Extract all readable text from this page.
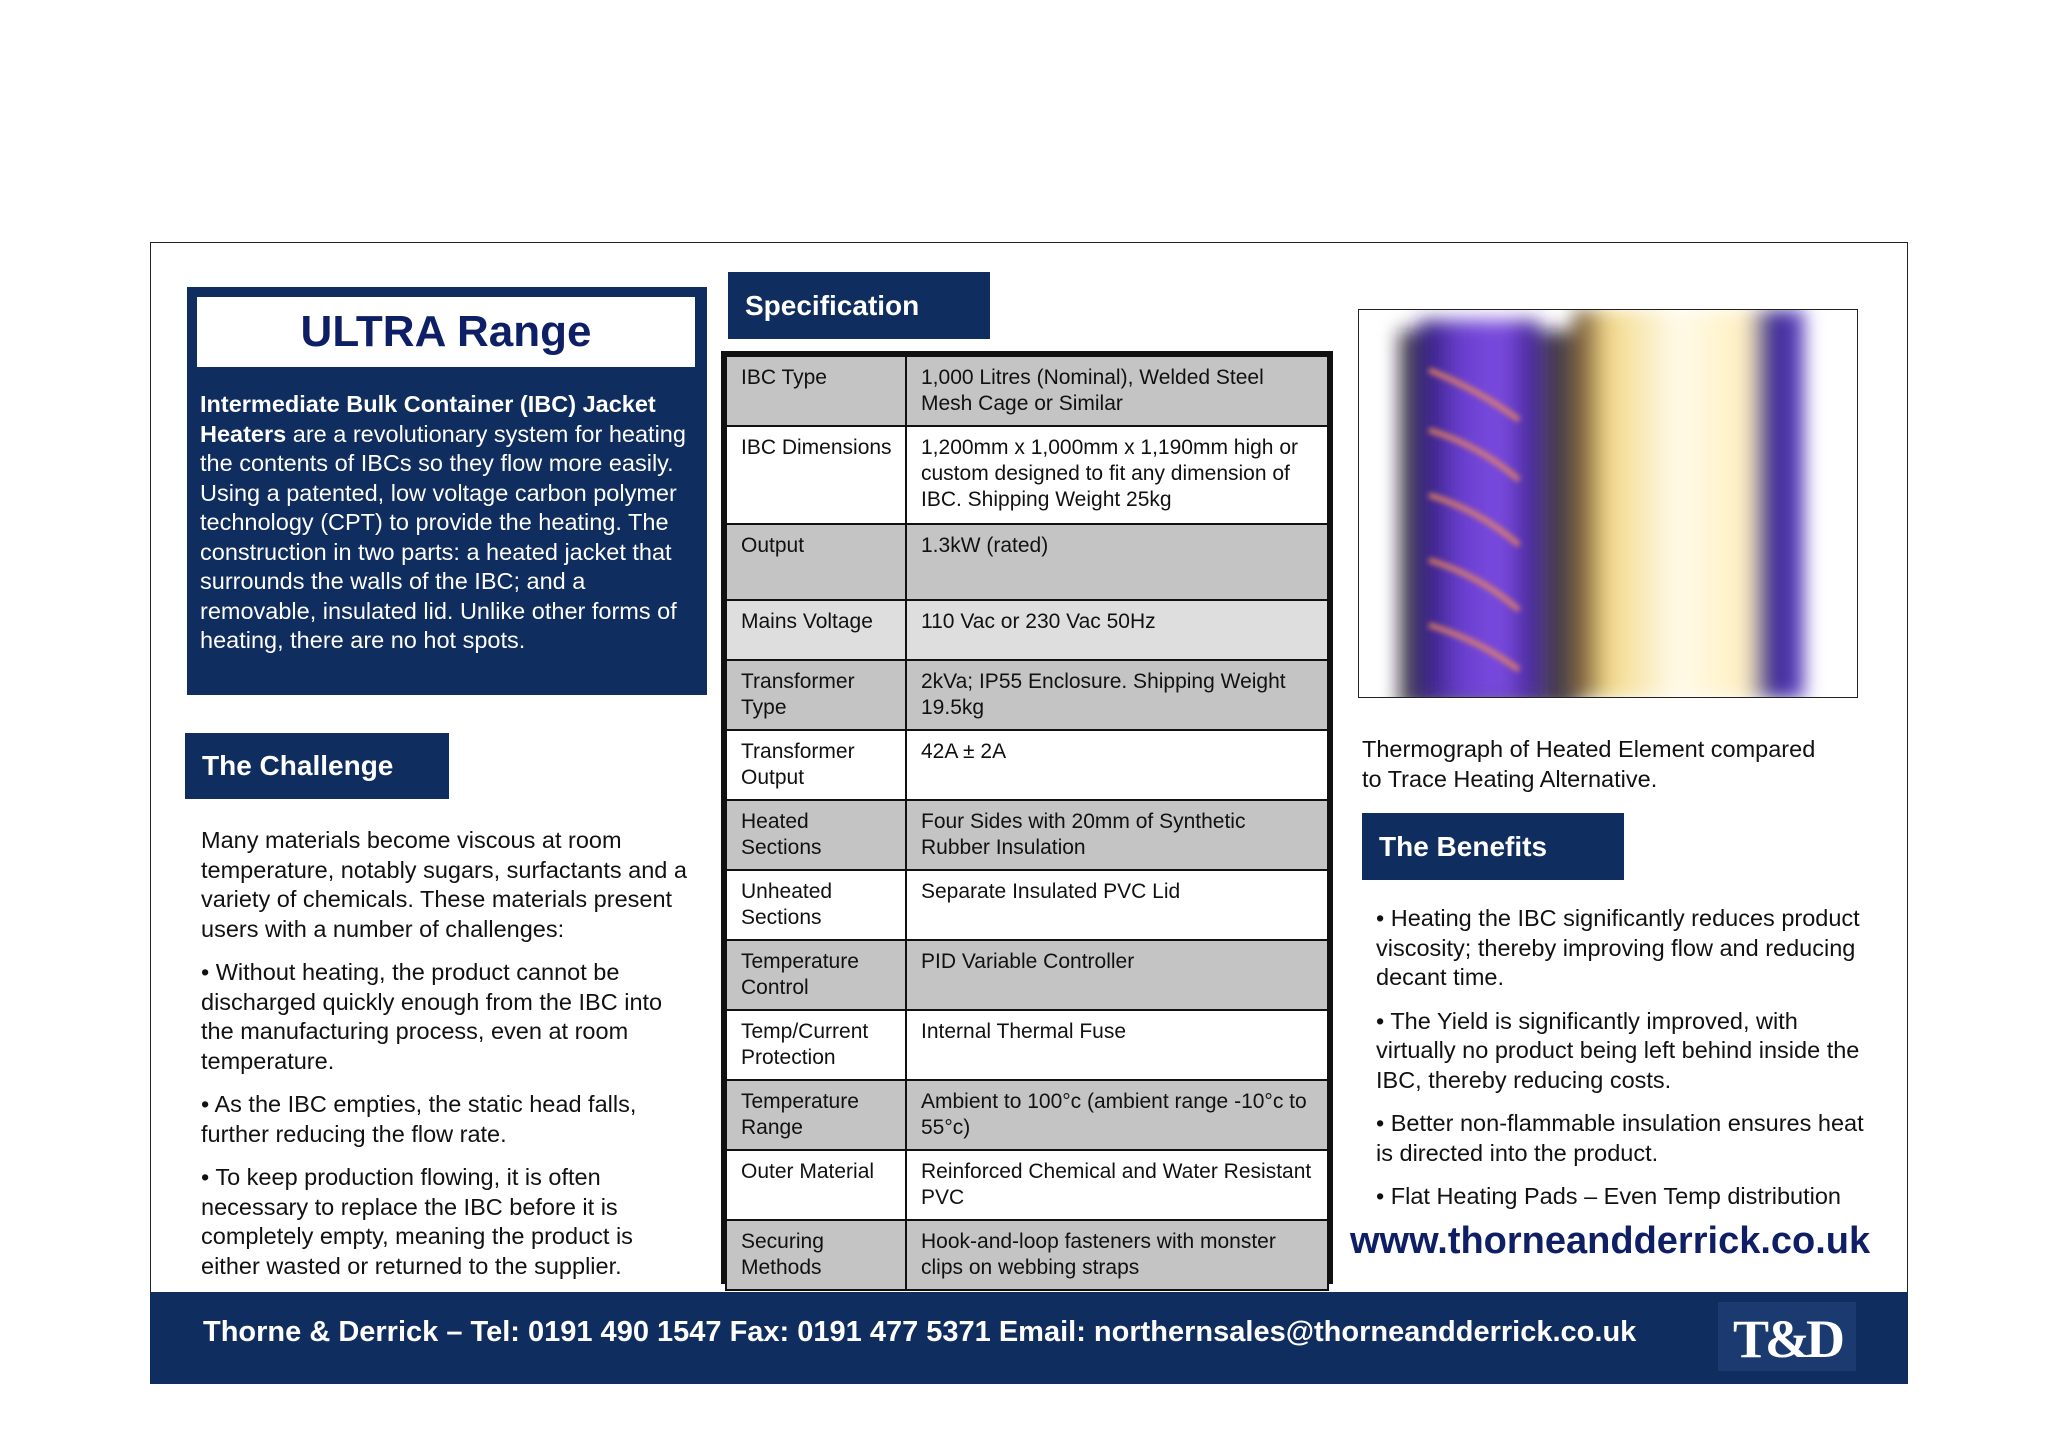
ULTRA Range
Intermediate Bulk Container (IBC) Jacket Heaters are a revolutionary system for heating the contents of IBCs so they flow more easily. Using a patented, low voltage carbon polymer technology (CPT) to provide the heating. The construction in two parts: a heated jacket that surrounds the walls of the IBC; and a removable, insulated lid. Unlike other forms of heating, there are no hot spots.
The Challenge

Many materials become viscous at room temperature, notably sugars, surfactants and a variety of chemicals. These materials present users with a number of challenges:

• Without heating, the product cannot be discharged quickly enough from the IBC into the manufacturing process, even at room temperature.

• As the IBC empties, the static head falls, further reducing the flow rate.

• To keep production flowing, it is often necessary to replace the IBC before it is completely empty, meaning the product is either wasted or returned to the supplier.

Specification
IBC Type	1,000 Litres (Nominal), Welded Steel Mesh Cage or Similar
IBC Dimensions	1,200mm x 1,000mm x 1,190mm high or custom designed to fit any dimension of IBC. Shipping Weight 25kg
Output	1.3kW (rated)
Mains Voltage	110 Vac or 230 Vac 50Hz
Transformer Type	2kVa; IP55 Enclosure. Shipping Weight 19.5kg
Transformer Output	42A ± 2A
Heated Sections	Four Sides with 20mm of Synthetic Rubber Insulation
Unheated Sections	Separate Insulated PVC Lid
Temperature Control	PID Variable Controller
Temp/Current Protection	Internal Thermal Fuse
Temperature Range	Ambient to 100°c (ambient range -10°c to 55°c)
Outer Material	Reinforced Chemical and Water Resistant PVC
Securing Methods	Hook-and-loop fasteners with monster clips on webbing straps
Thermograph of Heated Element compared to Trace Heating Alternative.
The Benefits

• Heating the IBC significantly reduces product viscosity; thereby improving flow and reducing decant time.

• The Yield is significantly improved, with virtually no product being left behind inside the IBC, thereby reducing costs.

• Better non-flammable insulation ensures heat is directed into the product.

• Flat Heating Pads – Even Temp distribution

www.thorneandderrick.co.uk
Thorne & Derrick – Tel: 0191 490 1547 Fax: 0191 477 5371 Email: northernsales@thorneandderrick.co.uk T&D
